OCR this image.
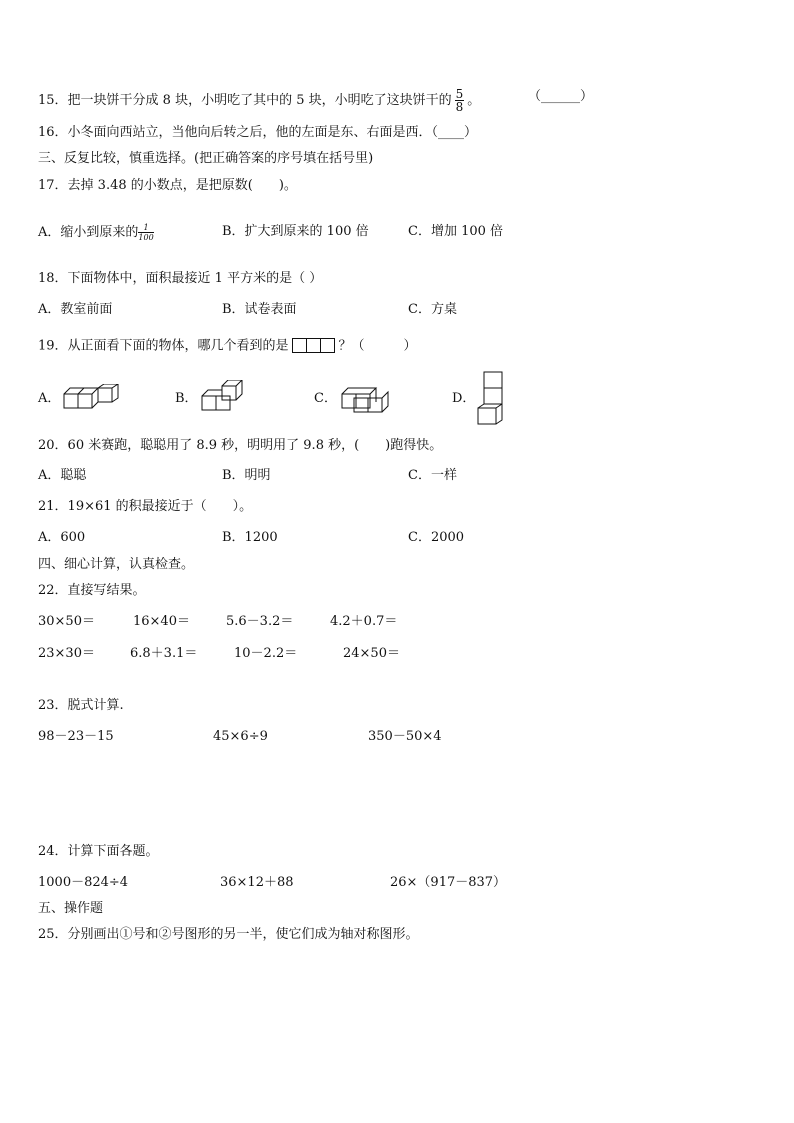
15．把一块饼干分成 8 块，小明吃了其中的 5 块，小明吃了这块饼干的 $\frac{5}{8}$ 。	（______）
16．小冬面向西站立，当他向后转之后，他的左面是东、右面是西．（____）
三、反复比较，慎重选择。(把正确答案的序号填在括号里)
17．去掉 3.48 的小数点，是把原数(　　)。
A．缩小到原来的 $\frac{1}{100}$	B．扩大到原来的 100 倍	C．增加 100 倍
18．下面物体中，面积最接近 1 平方米的是（ ）
A．教室前面	B．试卷表面	C．方桌
19．从正面看下面的物体，哪几个看到的是	？（　　　）
A．	B．	C．	D．
20．60 米赛跑，聪聪用了 8.9 秒，明明用了 9.8 秒，(　　)跑得快。
A．聪聪	B．明明	C．一样
21．19×61 的积最接近于（　　）。
A．600	B．1200	C．2000
四、细心计算，认真检查。
22．直接写结果。
30×50＝	16×40＝	5.6－3.2＝	4.2＋0.7＝
23×30＝	6.8＋3.1＝	10－2.2＝	24×50＝
23．脱式计算.
98－23－15	45×6÷9	350－50×4
24．计算下面各题。
1000－824÷4	36×12＋88	26×（917－837）
五、操作题
25．分别画出①号和②号图形的另一半，使它们成为轴对称图形。
